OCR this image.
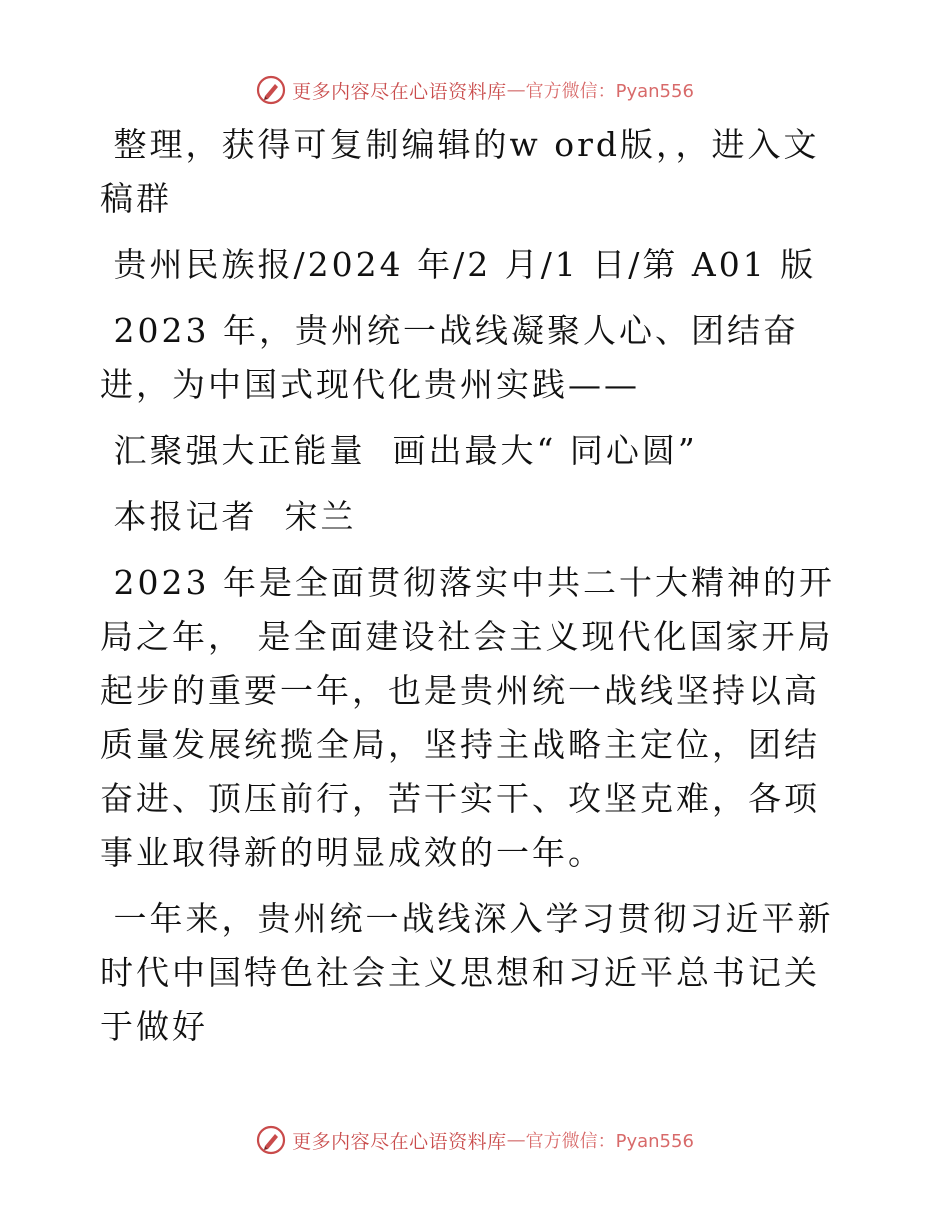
更多内容尽在心语资料库 — 官方微信：Pyan556

整理，获得可复制编辑的w ord版，，进入文稿群

贵州民族报/2024 年/2 月/1 日/第 A01 版

2023 年，贵州统一战线凝聚人心、团结奋进，为中国式现代化贵州实践——

汇聚强大正能量  画出最大“ 同心圆”

本报记者  宋兰

2023 年是全面贯彻落实中共二十大精神的开局之年， 是全面建设社会主义现代化国家开局起步的重要一年，也是贵州统一战线坚持以高质量发展统揽全局，坚持主战略主定位，团结奋进、顶压前行，苦干实干、攻坚克难，各项事业取得新的明显成效的一年。

一年来，贵州统一战线深入学习贯彻习近平新时代中国特色社会主义思想和习近平总书记关于做好

更多内容尽在心语资料库 — 官方微信：Pyan556
